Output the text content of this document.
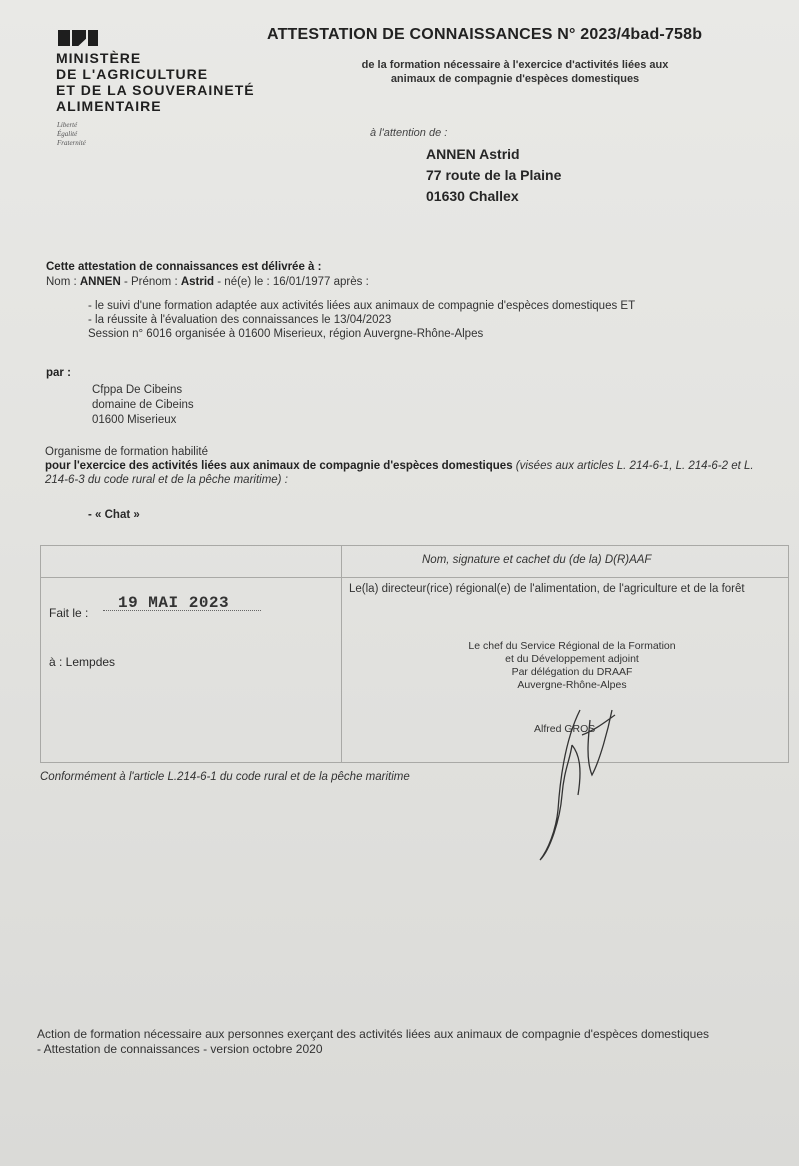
MINISTÈRE
DE L'AGRICULTURE
ET DE LA SOUVERAINETÉ
ALIMENTAIRE
Liberté
Égalité
Fraternité
ATTESTATION DE CONNAISSANCES N° 2023/4bad-758b
de la formation nécessaire à l'exercice d'activités liées aux
animaux de compagnie d'espèces domestiques
à l'attention de :
ANNEN Astrid
77 route de la Plaine
01630 Challex
Cette attestation de connaissances est délivrée à :
Nom : ANNEN - Prénom : Astrid - né(e) le : 16/01/1977 après :
- le suivi d'une formation adaptée aux activités liées aux animaux de compagnie d'espèces domestiques ET
- la réussite à l'évaluation des connaissances le 13/04/2023
Session n° 6016 organisée à 01600 Miserieux, région Auvergne-Rhône-Alpes
par :
Cfppa De Cibeins
domaine de Cibeins
01600 Miserieux
Organisme de formation habilité
pour l'exercice des activités liées aux animaux de compagnie d'espèces domestiques (visées aux articles L. 214-6-1, L. 214-6-2 et L. 214-6-3 du code rural et de la pêche maritime) :
- « Chat »

	Nom, signature et cachet du (de la) D(R)AAF

Fait le :
19 MAI 2023
à : Lempdes
Le(la) directeur(rice) régional(e) de l'alimentation, de l'agriculture et de la forêt
Le chef du Service Régional de la Formation
et du Développement adjoint
Par délégation du DRAAF
Auvergne-Rhône-Alpes
Alfred GROS
Conformément à l'article L.214-6-1 du code rural et de la pêche maritime
Action de formation nécessaire aux personnes exerçant des activités liées aux animaux de compagnie d'espèces domestiques
- Attestation de connaissances - version octobre 2020
